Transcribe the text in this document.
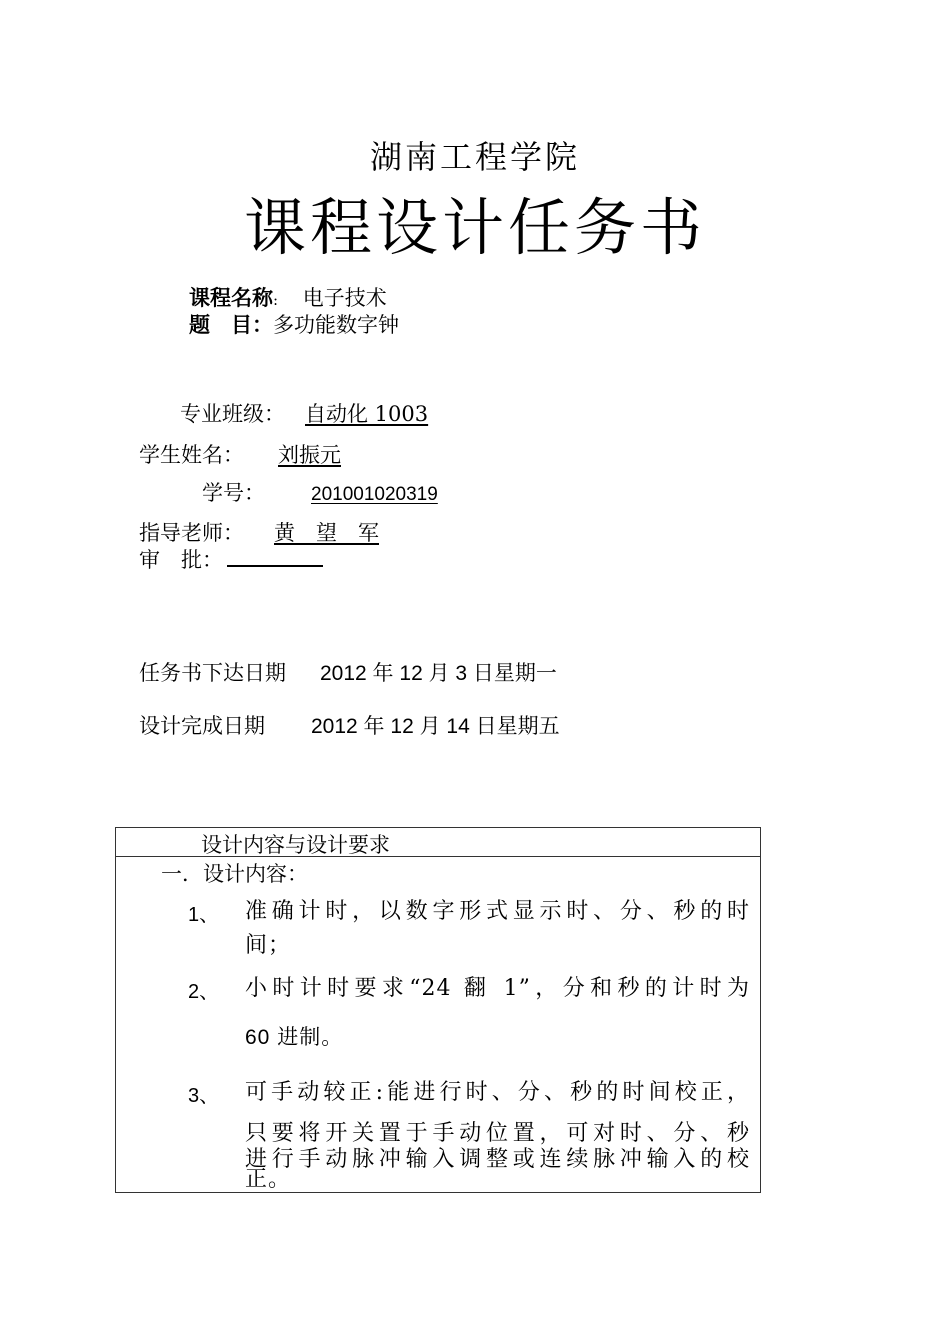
湖南工程学院
课程设计任务书
课程名称: 电子技术
题　目：多功能数字钟
专业班级： 自动化 1003
学生姓名： 刘振元
学号： 201001020319
指导老师： 黄　望　军
审　批：
任务书下达日期 2012 年 12 月 3 日星期一
设计完成日期 2012 年 12 月 14 日星期五
设计内容与设计要求
一．设计内容：
1、 准确计时，以数字形式显示时、分、秒的时
间；
2、 小时计时要求“24 翻 1”，分和秒的计时为
60 进制。
3、 可手动较正:能进行时、分、秒的时间校正，
只要将开关置于手动位置，可对时、分、秒
进行手动脉冲输入调整或连续脉冲输入的校
正。
